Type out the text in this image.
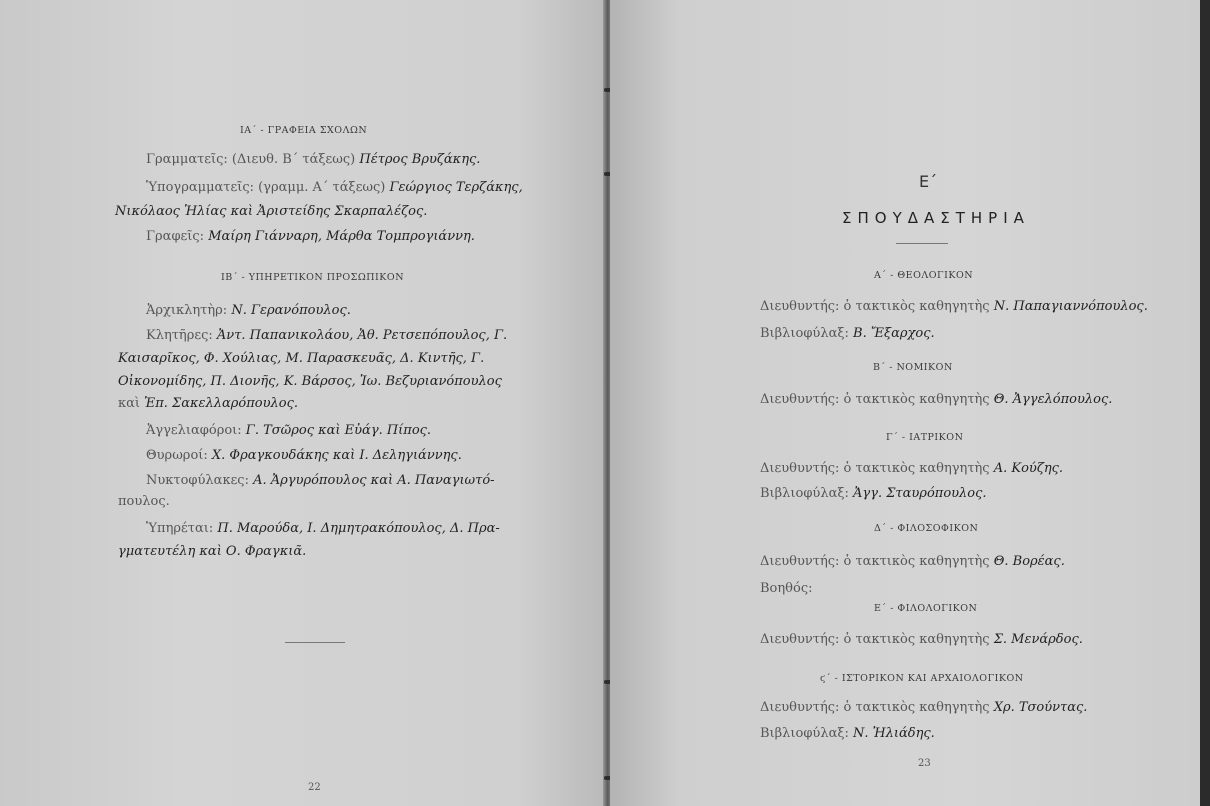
ΙΑ΄ - ΓΡΑΦΕΙΑ ΣΧΟΛΩΝ
Γραμματεῖς: (Διευθ. Β΄ τάξεως) Πέτρος Βρυζάκης.
Ὑπογραμματεῖς: (γραμμ. Α΄ τάξεως) Γεώργιος Τερζάκης,
Νικόλαος Ἠλίας καὶ Ἀριστείδης Σκαρπαλέζος.
Γραφεῖς: Μαίρη Γιάνναρη, Μάρθα Τομπρογιάννη.
ΙΒ΄ - ΥΠΗΡΕΤΙΚΟΝ ΠΡΟΣΩΠΙΚΟΝ
Ἀρχικλητὴρ: Ν. Γερανόπουλος.
Κλητῆρες: Ἀντ. Παπανικολάου, Ἀθ. Ρετσεπόπουλος, Γ.
Καισαρῖκος, Φ. Χούλιας, Μ. Παρασκευᾶς, Δ. Κιντῆς, Γ.
Οἰκονομίδης, Π. Διονῆς, Κ. Βάρσος, Ἰω. Βεζυριανόπουλος
καὶ Ἐπ. Σακελλαρόπουλος.
Ἀγγελιαφόροι: Γ. Τσῶρος καὶ Εὐάγ. Πίπος.
Θυρωροί: Χ. Φραγκουδάκης καὶ Ι. Δεληγιάννης.
Νυκτοφύλακες: Α. Ἀργυρόπουλος καὶ Α. Παναγιωτό-
πουλος.
Ὑπηρέται: Π. Μαρούδα, Ι. Δημητρακόπουλος, Δ. Πρα-
γματευτέλη καὶ Ο. Φραγκιᾶ.
22
Ε΄
ΣΠΟΥΔΑΣΤΗΡΙΑ
Α΄ - ΘΕΟΛΟΓΙΚΟΝ
Διευθυντής: ὁ τακτικὸς καθηγητὴς Ν. Παπαγιαννόπουλος.
Βιβλιοφύλαξ: Β. Ἔξαρχος.
Β΄ - ΝΟΜΙΚΟΝ
Διευθυντής: ὁ τακτικὸς καθηγητὴς Θ. Ἀγγελόπουλος.
Γ΄ - ΙΑΤΡΙΚΟΝ
Διευθυντής: ὁ τακτικὸς καθηγητὴς Α. Κούζης.
Βιβλιοφύλαξ: Ἀγγ. Σταυρόπουλος.
Δ΄ - ΦΙΛΟΣΟΦΙΚΟΝ
Διευθυντής: ὁ τακτικὸς καθηγητὴς Θ. Βορέας.
Βοηθός:
Ε΄ - ΦΙΛΟΛΟΓΙΚΟΝ
Διευθυντής: ὁ τακτικὸς καθηγητὴς Σ. Μενάρδος.
ϛ΄ - ΙΣΤΟΡΙΚΟΝ ΚΑΙ ΑΡΧΑΙΟΛΟΓΙΚΟΝ
Διευθυντής: ὁ τακτικὸς καθηγητὴς Χρ. Τσούντας.
Βιβλιοφύλαξ: Ν. Ἠλιάδης.
23
